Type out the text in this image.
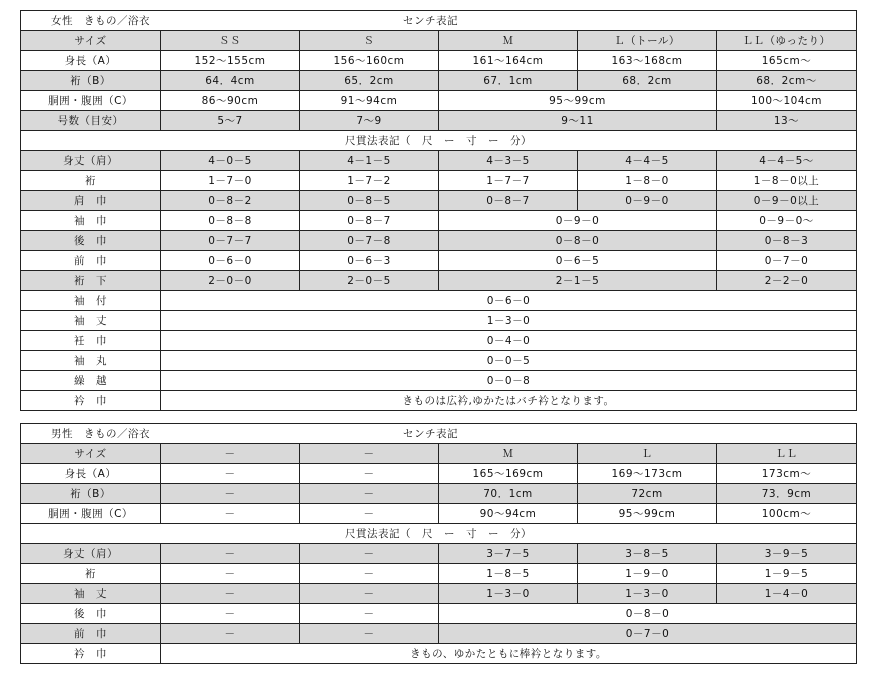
女性　きもの／浴衣 センチ表記					
サイズ	ＳＳ	Ｓ	Ｍ	Ｌ（トール）	ＬＬ（ゆったり）
身長（A）	152～155cm	156～160cm	161～164cm	163～168cm	165cm～
裄（B）	64．4cm	65．2cm	67．1cm	68．2cm	68．2cm～
胴囲・腹囲（C）	86～90cm	91～94cm	95～99cm		100～104cm
号数（目安）	5～7	7～9	9～11		13～
尺貫法表記（　尺　ー　寸　ー　分）					
身丈（肩）	4－0－5	4－1－5	4－3－5	4－4－5	4－4－5～
裄	1－7－0	1－7－2	1－7－7	1－8－0	1－8－0以上
肩　巾	0－8－2	0－8－5	0－8－7	0－9－0	0－9－0以上
袖　巾	0－8－8	0－8－7	0－9－0		0－9－0～
後　巾	0－7－7	0－7－8	0－8－0		0－8－3
前　巾	0－6－0	0－6－3	0－6－5		0－7－0
裄　下	2－0－0	2－0－5	2－1－5		2－2－0
袖　付	0－6－0				
袖　丈	1－3－0				
衽　巾	0－4－0				
袖　丸	0－0－5				
繰　越	0－0－8				
衿　巾	きものは広衿,ゆかたはバチ衿となります。				
男性　きもの／浴衣 センチ表記					
サイズ	－	－	Ｍ	Ｌ	ＬＬ
身長（A）	－	－	165～169cm	169～173cm	173cm～
裄（B）	－	－	70．1cm	72cm	73．9cm
胴囲・腹囲（C）	－	－	90～94cm	95～99cm	100cm～
尺貫法表記（　尺　ー　寸　ー　分）					
身丈（肩）	－	－	3－7－5	3－8－5	3－9－5
裄	－	－	1－8－5	1－9－0	1－9－5
袖　丈	－	－	1－3－0	1－3－0	1－4－0
後　巾	－	－	0－8－0		
前　巾	－	－	0－7－0		
衿　巾	きもの、ゆかたともに棒衿となります。				
